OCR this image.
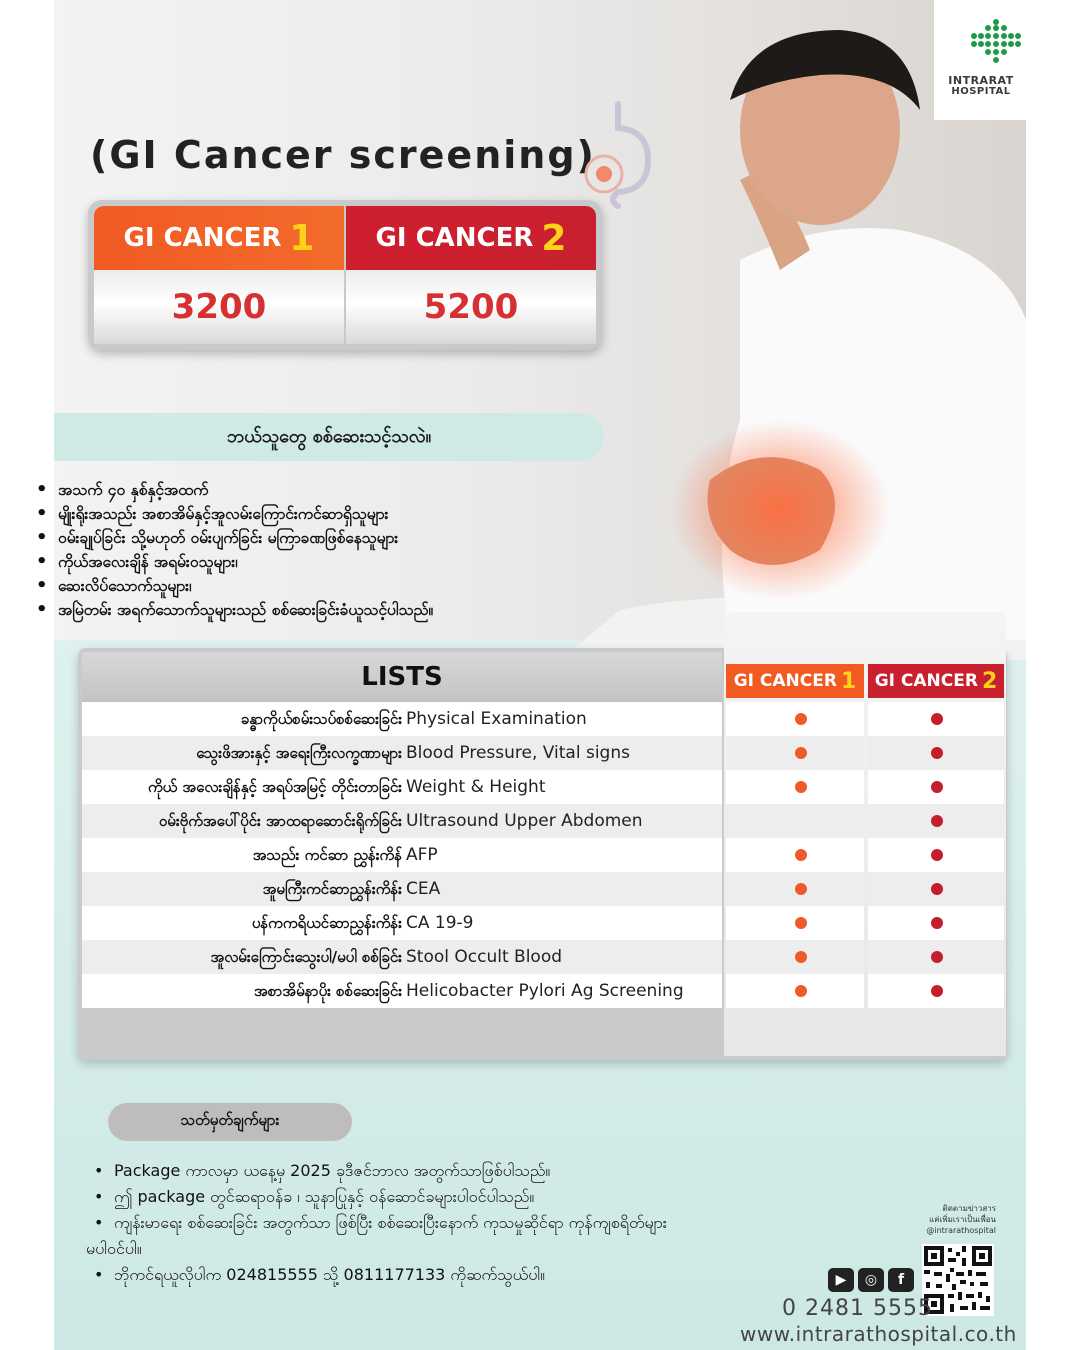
INTRARAT
HOSPITAL
(GI Cancer screening)
GI CANCER 1
3200
GI CANCER 2
5200
ဘယ်သူတွေ စစ်ဆေးသင့်သလဲ။
• အသက် ၄၀ နှစ်နှင့်အထက်
• မျိုးရိုးအသည်း အစာအိမ်နှင့်အူလမ်းကြောင်းကင်ဆာရှိသူများ
• ဝမ်းချုပ်ခြင်း သို့မဟုတ် ဝမ်းပျက်ခြင်း မကြာခဏဖြစ်နေသူများ
• ကိုယ်အလေးချိန် အရမ်းဝသူများ၊
• ဆေးလိပ်သောက်သူများ၊
• အမြဲတမ်း အရက်သောက်သူများသည် စစ်ဆေးခြင်းခံယူသင့်ပါသည်။
GI CANCER 1 GI CANCER 2
LISTS
ခန္ဓာကိုယ်စမ်းသပ်စစ်ဆေးခြင်း Physical Examination
သွေးဖိအားနှင့် အရေးကြီးလက္ခဏာများ Blood Pressure, Vital signs
ကိုယ် အလေးချိန်နှင့် အရပ်အမြင့် တိုင်းတာခြင်း Weight & Height
ဝမ်းဗိုက်အပေါ်ပိုင်း အာထရာဆောင်းရိုက်ခြင်း Ultrasound Upper Abdomen
အသည်း ကင်ဆာ ညွှန်းကိန် AFP
အူမကြီးကင်ဆာညွှန်းကိန်း CEA
ပန်ကကရိယင်ဆာညွှန်းကိန်း CA 19-9
အူလမ်းကြောင်းသွေးပါ/မပါ စစ်ခြင်း Stool Occult Blood
အစာအိမ်နာပိုး စစ်ဆေးခြင်း Helicobacter Pylori Ag Screening
သတ်မှတ်ချက်များ
• Package ကာလမှာ ယနေ့မှ 2025 ခုဒီဇင်ဘာလ အတွက်သာဖြစ်ပါသည်။
• ဤ package တွင်ဆရာဝန်ခ ၊ သူနာပြုနှင့် ဝန်ဆောင်ခများပါဝင်ပါသည်။
• ကျန်းမာရေး စစ်ဆေးခြင်း အတွက်သာ ဖြစ်ပြီး စစ်ဆေးပြီးနောက် ကုသမှုဆိုင်ရာ ကုန်ကျစရိတ်များ
မပါဝင်ပါ။
• ဘိုကင်ရယူလိုပါက 024815555 သို့ 0811177133 ကိုဆက်သွယ်ပါ။
ติดตามข่าวสาร
แค่เพิ่มเราเป็นเพื่อน
@intrarathospital
▶	◎	f
0 2481 5555
www.intrarathospital.co.th
